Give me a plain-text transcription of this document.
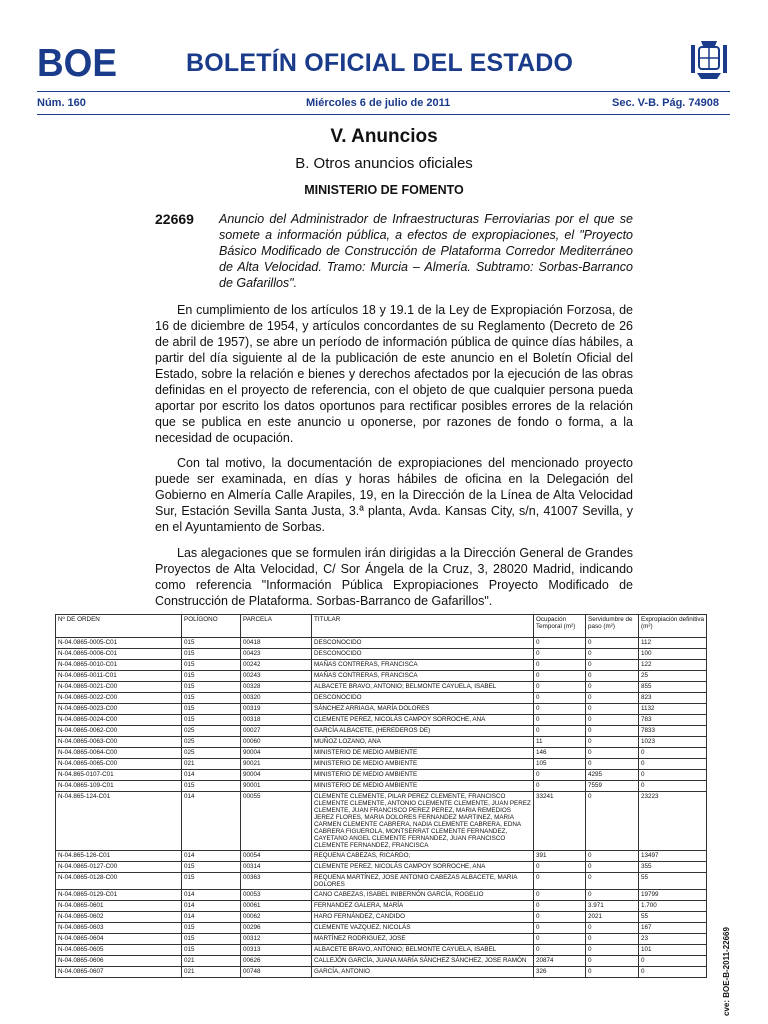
BOE	BOLETÍN OFICIAL DEL ESTADO
Núm. 160	Miércoles 6 de julio de 2011	Sec. V-B. Pág. 74908
V. Anuncios
B. Otros anuncios oficiales
MINISTERIO DE FOMENTO
22669 Anuncio del Administrador de Infraestructuras Ferroviarias por el que se somete a información pública, a efectos de expropiaciones, el "Proyecto Básico Modificado de Construcción de Plataforma Corredor Mediterráneo de Alta Velocidad. Tramo: Murcia – Almería. Subtramo: Sorbas-Barranco de Gafarillos".

En cumplimiento de los artículos 18 y 19.1 de la Ley de Expropiación Forzosa, de 16 de diciembre de 1954, y artículos concordantes de su Reglamento (Decreto de 26 de abril de 1957), se abre un período de información pública de quince días hábiles, a partir del día siguiente al de la publicación de este anuncio en el Boletín Oficial del Estado, sobre la relación e bienes y derechos afectados por la ejecución de las obras definidas en el proyecto de referencia, con el objeto de que cualquier persona pueda aportar por escrito los datos oportunos para rectificar posibles errores de la relación que se publica en este anuncio u oponerse, por razones de fondo o forma, a la necesidad de ocupación.

Con tal motivo, la documentación de expropiaciones del mencionado proyecto puede ser examinada, en días y horas hábiles de oficina en la Delegación del Gobierno en Almería Calle Arapiles, 19, en la Dirección de la Línea de Alta Velocidad Sur, Estación Sevilla Santa Justa, 3.ª planta, Avda. Kansas City, s/n, 41007 Sevilla, y en el Ayuntamiento de Sorbas.

Las alegaciones que se formulen irán dirigidas a la Dirección General de Grandes Proyectos de Alta Velocidad, C/ Sor Ángela de la Cruz, 3, 28020 Madrid, indicando como referencia "Información Pública Expropiaciones Proyecto Modificado de Construcción de Plataforma. Sorbas-Barranco de Gafarillos".

Nº DE ORDEN	POLÍGONO	PARCELA	TITULAR	Ocupación Temporal (m²)	Servidumbre de paso (m²)	Expropiación definitiva (m²)
N-04.0865-0005-C01	015	00418	DESCONOCIDO	0	0	112
N-04.0865-0006-C01	015	00423	DESCONOCIDO	0	0	100
N-04.0865-0010-C01	015	00242	MAÑAS CONTRERAS, FRANCISCA	0	0	122
N-04.0865-0011-C01	015	00243	MAÑAS CONTRERAS, FRANCISCA	0	0	25
N-04.0865-0021-C00	015	00328	ALBACETE BRAVO, ANTONIO; BELMONTE CAYUELA, ISABEL	0	0	855
N-04.0865-0022-C00	015	00320	DESCONOCIDO	0	0	823
N-04.0865-0023-C00	015	00319	SÁNCHEZ ARRIAGA, MARÍA DOLORES	0	0	1132
N-04.0865-0024-C00	015	00318	CLEMENTE PEREZ, NICOLÁS CAMPOY SORROCHE, ANA	0	0	783
N-04.0865-0062-C00	025	00027	GARCÍA ALBACETE, (HEREDEROS DE)	0	0	7833
N-04.0865-0063-C00	025	00060	MUÑOZ LOZANO, ANA	11	0	1023
N-04.0865-0064-C00	025	90004	MINISTERIO DE MEDIO AMBIENTE	146	0	0
N-04.0865-0065-C00	021	90021	MINISTERIO DE MEDIO AMBIENTE	105	0	0
N-04.865-0107-C01	014	90004	MINISTERIO DE MEDIO AMBIENTE	0	4295	0
N-04.0865-109-C01	015	90001	MINISTERIO DE MEDIO AMBIENTE	0	7559	0
N-04.865-124-C01	014	00055	CLEMENTE CLEMENTE, PILAR PEREZ CLEMENTE, FRANCISCO CLEMENTE CLEMENTE, ANTONIO CLEMENTE CLEMENTE, JUAN PEREZ CLEMENTE, JUAN FRANCISCO PEREZ PEREZ, MARIA REMEDIOS JEREZ FLORES, MARIA DOLORES FERNANDEZ MARTINEZ, MARIA CARMEN CLEMENTE CABRERA, NADIA CLEMENTE CABRERA, EDNA CABRERA FIGUEROLA, MONTSERRAT CLEMENTE FERNANDEZ, CAYETANO ANGEL CLEMENTE FERNANDEZ, JUAN FRANCISCO CLEMENTE FERNANDEZ, FRANCISCA	33241	0	23223
N-04.865-126-C01	014	00054	REQUENA CABEZAS, RICARDO;	391	0	13497
N-04.0865-0127-C00	015	00314	CLEMENTE PEREZ, NICOLÁS CAMPOY SORROCHE, ANA	0	0	355
N-04.0865-0128-C00	015	00363	REQUENA MARTÍNEZ, JOSE ANTONIO CABEZAS ALBACETE, MARIA DOLORES	0	0	55
N-04.0865-0129-C01	014	00053	CANO CABEZAS, ISABEL INIBERNÓN GARCÍA, ROGELIO	0	0	19799
N-04.0865-0601	014	00061	FERNANDEZ GALERA, MARÍA	0	3.971	1.700
N-04.0865-0602	014	00062	HARO FERNÁNDEZ, CANDIDO	0	2021	55
N-04.0865-0603	015	00296	CLEMENTE VAZQUEZ, NICOLÁS	0	0	167
N-04.0865-0604	015	00312	MARTÍNEZ RODRIGUEZ, JOSE	0	0	23
N-04.0865-0605	015	00313	ALBACETE BRAVO, ANTONIO; BELMONTE CAYUELA, ISABEL	0	0	101
N-04.0865-0606	021	00626	CALLEJÓN GARCÍA, JUANA MARÍA SÁNCHEZ SÁNCHEZ, JOSE RAMÓN	20874	0	0
N-04.0865-0607	021	00748	GARCÍA, ANTONIO	326	0	0	cve: BOE-B-2011-22669
